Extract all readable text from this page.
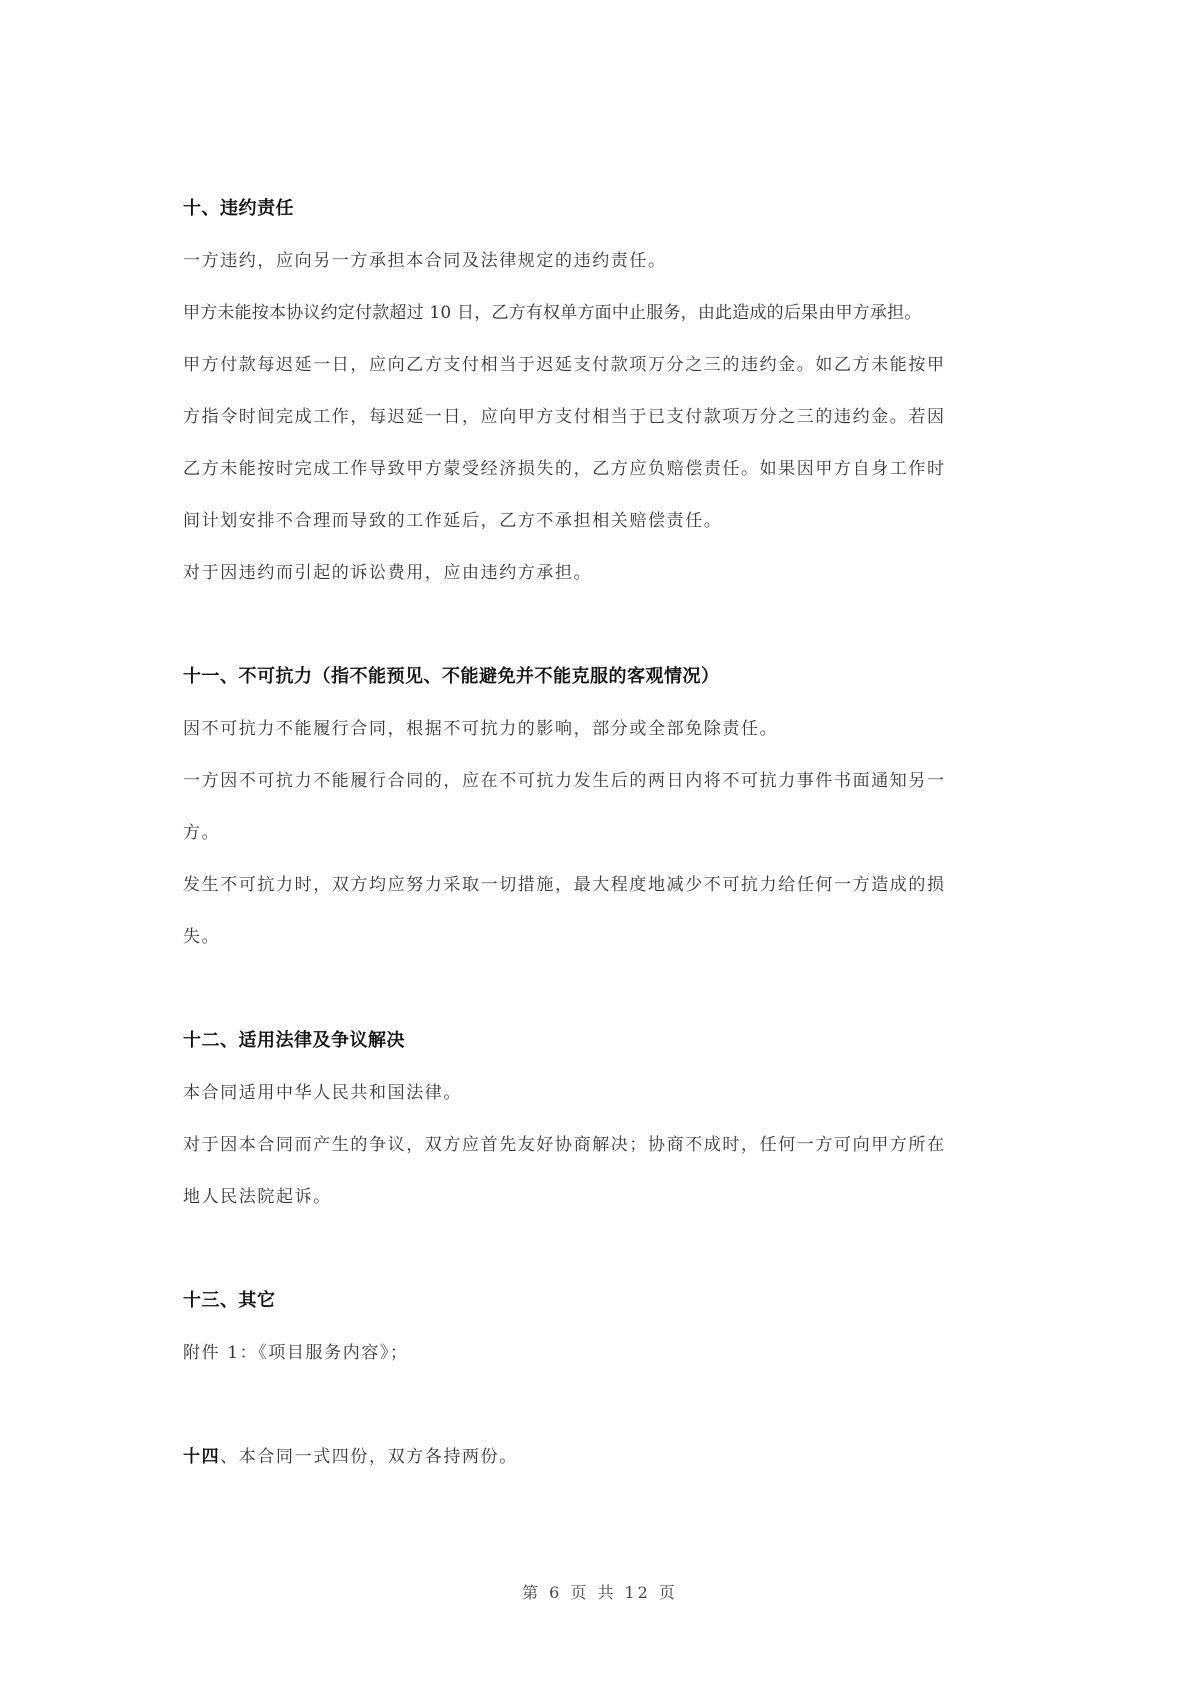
十、违约责任

一方违约，应向另一方承担本合同及法律规定的违约责任。

甲方未能按本协议约定付款超过 10 日，乙方有权单方面中止服务，由此造成的后果由甲方承担。

甲方付款每迟延一日，应向乙方支付相当于迟延支付款项万分之三的违约金。如乙方未能按甲

方指令时间完成工作，每迟延一日，应向甲方支付相当于已支付款项万分之三的违约金。若因

乙方未能按时完成工作导致甲方蒙受经济损失的，乙方应负赔偿责任。如果因甲方自身工作时

间计划安排不合理而导致的工作延后，乙方不承担相关赔偿责任。

对于因违约而引起的诉讼费用，应由违约方承担。

十一、不可抗力（指不能预见、不能避免并不能克服的客观情况）

因不可抗力不能履行合同，根据不可抗力的影响，部分或全部免除责任。

一方因不可抗力不能履行合同的，应在不可抗力发生后的两日内将不可抗力事件书面通知另一

方。

发生不可抗力时，双方均应努力采取一切措施，最大程度地减少不可抗力给任何一方造成的损

失。

十二、适用法律及争议解决

本合同适用中华人民共和国法律。

对于因本合同而产生的争议，双方应首先友好协商解决；协商不成时，任何一方可向甲方所在

地人民法院起诉。

十三、其它

附件 1：《项目服务内容》；

十四、本合同一式四份，双方各持两份。

第 6 页 共 12 页
